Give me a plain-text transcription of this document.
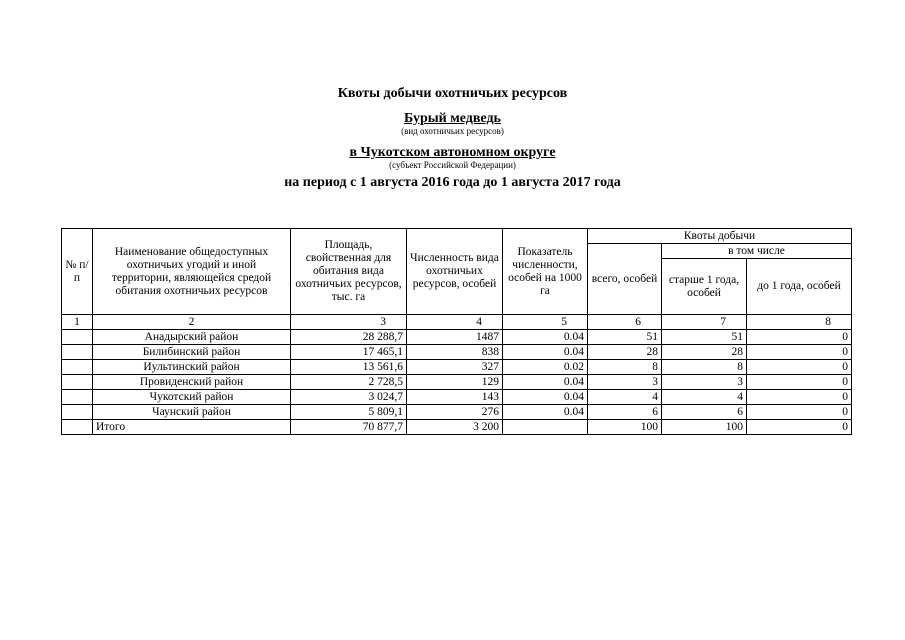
Квоты добычи охотничьих ресурсов
Бурый медведь
(вид охотничьих ресурсов)
в Чукотском автономном округе
(субъект Российской Федерации)
на период с 1 августа 2016 года до 1 августа 2017 года
№ п/п	Наименование общедоступных охотничьих угодий и иной территории, являющейся средой обитания охотничьих ресурсов	Площадь, свойственная для обитания вида охотничьих ресурсов, тыс. га	Численность вида охотничьих ресурсов, особей	Показатель численности, особей на 1000 га	Квоты добычи		
					всего, особей	в том числе	
						старше 1 года, особей	до 1 года, особей
1	2	3	4	5	6	7	8
	Анадырский район	28 288,7	1487	0.04	51	51	0
	Билибинский район	17 465,1	838	0.04	28	28	0
	Иультинский район	13 561,6	327	0.02	8	8	0
	Провиденский район	2 728,5	129	0.04	3	3	0
	Чукотский район	3 024,7	143	0.04	4	4	0
	Чаунский район	5 809,1	276	0.04	6	6	0
	Итого	70 877,7	3 200		100	100	0
